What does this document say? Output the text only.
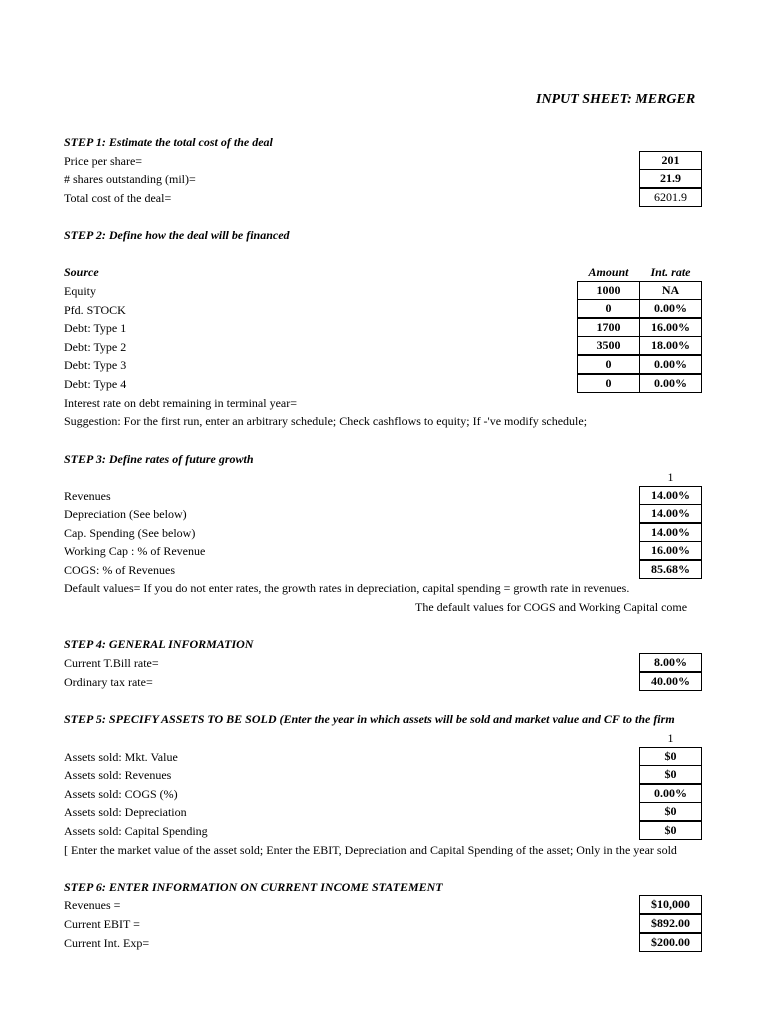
INPUT SHEET: MERGER
STEP 1: Estimate the total cost of the deal
Price per share=	201
# shares outstanding (mil)=	21.9
Total cost of the deal=	6201.9
STEP 2: Define how the deal will be financed
Source	Amount	Int. rate
Equity	1000	NA
Pfd. STOCK	0	0.00%
Debt: Type 1	1700	16.00%
Debt: Type 2	3500	18.00%
Debt: Type 3	0	0.00%
Debt: Type 4	0	0.00%
Interest rate on debt remaining in terminal year=
Suggestion: For the first run, enter an arbitrary schedule; Check cashflows to equity; If -'ve modify schedule;
STEP 3: Define rates of future growth
1
Revenues	14.00%
Depreciation (See below)	14.00%
Cap. Spending (See below)	14.00%
Working Cap : % of Revenue	16.00%
COGS: % of Revenues	85.68%
Default values= If you do not enter rates, the growth rates in depreciation, capital spending = growth rate in revenues.
The default values for COGS and Working Capital come
STEP 4: GENERAL INFORMATION
Current T.Bill rate=	8.00%
Ordinary tax rate=	40.00%
STEP 5: SPECIFY ASSETS TO BE SOLD (Enter the year in which assets will be sold and market value and CF to the firm
1
Assets sold: Mkt. Value	$0
Assets sold: Revenues	$0
Assets sold: COGS (%)	0.00%
Assets sold: Depreciation	$0
Assets sold: Capital Spending	$0
[ Enter the market value of the asset sold; Enter the EBIT, Depreciation and Capital Spending of the asset; Only in the year sold
STEP 6: ENTER INFORMATION ON CURRENT INCOME STATEMENT
Revenues =	$10,000
Current EBIT =	$892.00
Current Int. Exp=	$200.00
